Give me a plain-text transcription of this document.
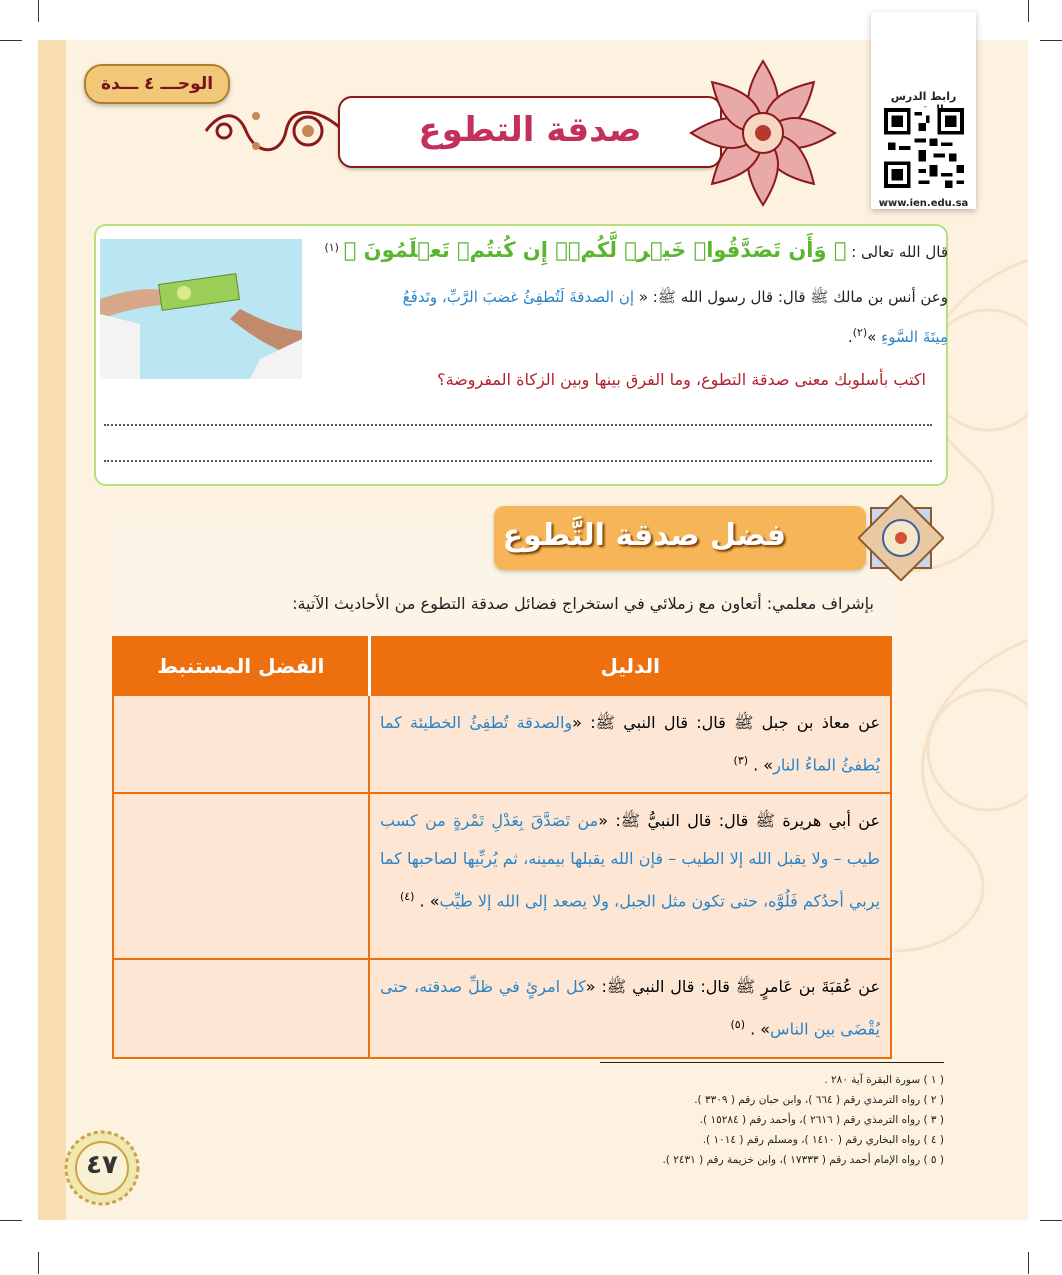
الوحـــ ٤ ـــدة
صدقة التطوع
رابط الدرس
www.ien.edu.sa
قال الله تعالى : ﴿ وَأَن تَصَدَّقُوا۟ خَيۡرٞ لَّكُمۡۖ إِن كُنتُمۡ تَعۡلَمُونَ ﴾ $^{(١)}$
وعن أنس بن مالك ﷺ قال: قال رسول الله ﷺ: « إن الصدقةَ لَتُطفِئُ غضبَ الرَّبِّ، وتَدفَعُ
مِيتَةَ السَّوءِ »$^{(٢)}$.
اكتب بأسلوبك معنى صدقة التطوع، وما الفرق بينها وبين الزكاة المفروضة؟
فضل صدقة التَّطوع
بإشراف معلمي: أتعاون مع زملائي في استخراج فضائل صدقة التطوع من الأحاديث الآتية:
الدليل	الفضل المستنبط
عن معاذ بن جبل ﷺ قال: قال النبي ﷺ: «والصدقة تُطفِئُ الخطيئة كما يُطفئُ الماءُ النار» . $^{(٣)}$	
عن أبي هريرة ﷺ قال: قال النبيُّ ﷺ: «من تَصَدَّقَ بِعَدْلِ تَمْرةٍ من كسب طيب – ولا يقبل الله إلا الطيب – فإن الله يقبلها بيمينه، ثم يُربِّيها لصاحبها كما يربي أحدُكم فَلُوَّه، حتى تكون مثل الجبل، ولا يصعد إلى الله إلا طيِّب» . $^{(٤)}$	
عن عُقبَةَ بن عَامرٍ ﷺ قال: قال النبي ﷺ: «كل امرئٍ في ظلِّ صدقته، حتى يُقْضَى بين الناس» . $^{(٥)}$	
( ١ ) سورة البقرة آية ٢٨٠ .
( ٢ ) رواه الترمذي رقم ( ٦٦٤ )، وابن حبان رقم ( ٣٣٠٩ ).
( ٣ ) رواه الترمذي رقم ( ٢٦١٦ )، وأحمد رقم ( ١٥٢٨٤ ).
( ٤ ) رواه البخاري رقم ( ١٤١٠ )، ومسلم رقم ( ١٠١٤ ).
( ٥ ) رواه الإمام أحمد رقم ( ١٧٣٣٣ )، وابن خزيمة رقم ( ٢٤٣١ ).
٤٧
